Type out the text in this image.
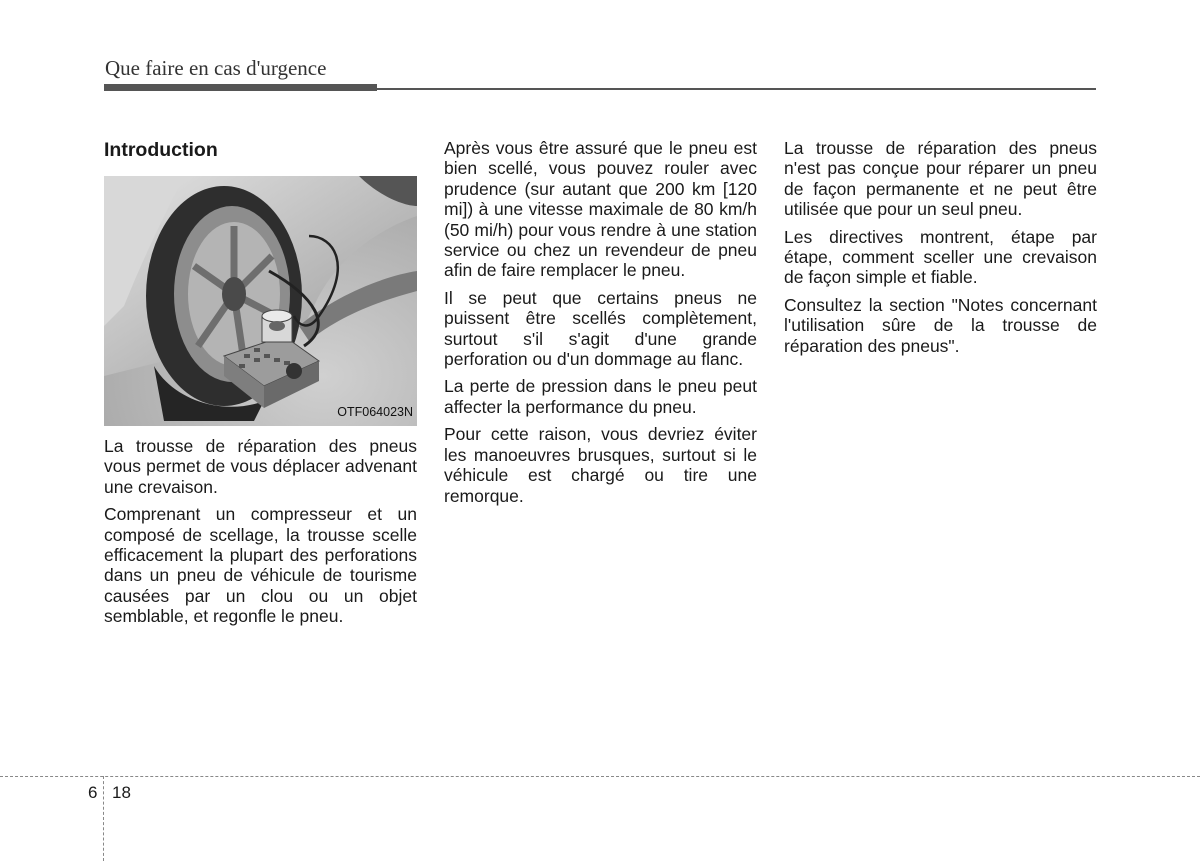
Que faire en cas d'urgence
Introduction
OTF064023N

La trousse de réparation des pneus vous permet de vous déplacer advenant une crevaison.

Comprenant un compresseur et un composé de scellage, la trousse scelle efficacement la plupart des perforations dans un pneu de véhicule de tourisme causées par un clou ou un objet semblable, et regonfle le pneu.

Après vous être assuré que le pneu est bien scellé, vous pouvez rouler avec prudence (sur autant que 200 km [120 mi]) à une vitesse maximale de 80 km/h (50 mi/h) pour vous rendre à une station service ou chez un revendeur de pneu afin de faire remplacer le pneu.

Il se peut que certains pneus ne puissent être scellés complètement, surtout s'il s'agit d'une grande perforation ou d'un dommage au flanc.

La perte de pression dans le pneu peut affecter la performance du pneu.

Pour cette raison, vous devriez éviter les manoeuvres brusques, surtout si le véhicule est chargé ou tire une remorque.

La trousse de réparation des pneus n'est pas conçue pour réparer un pneu de façon permanente et ne peut être utilisée que pour un seul pneu.

Les directives montrent, étape par étape, comment sceller une crevaison de façon simple et fiable.

Consultez la section "Notes concernant l'utilisation sûre de la trousse de réparation des pneus".

6 18
